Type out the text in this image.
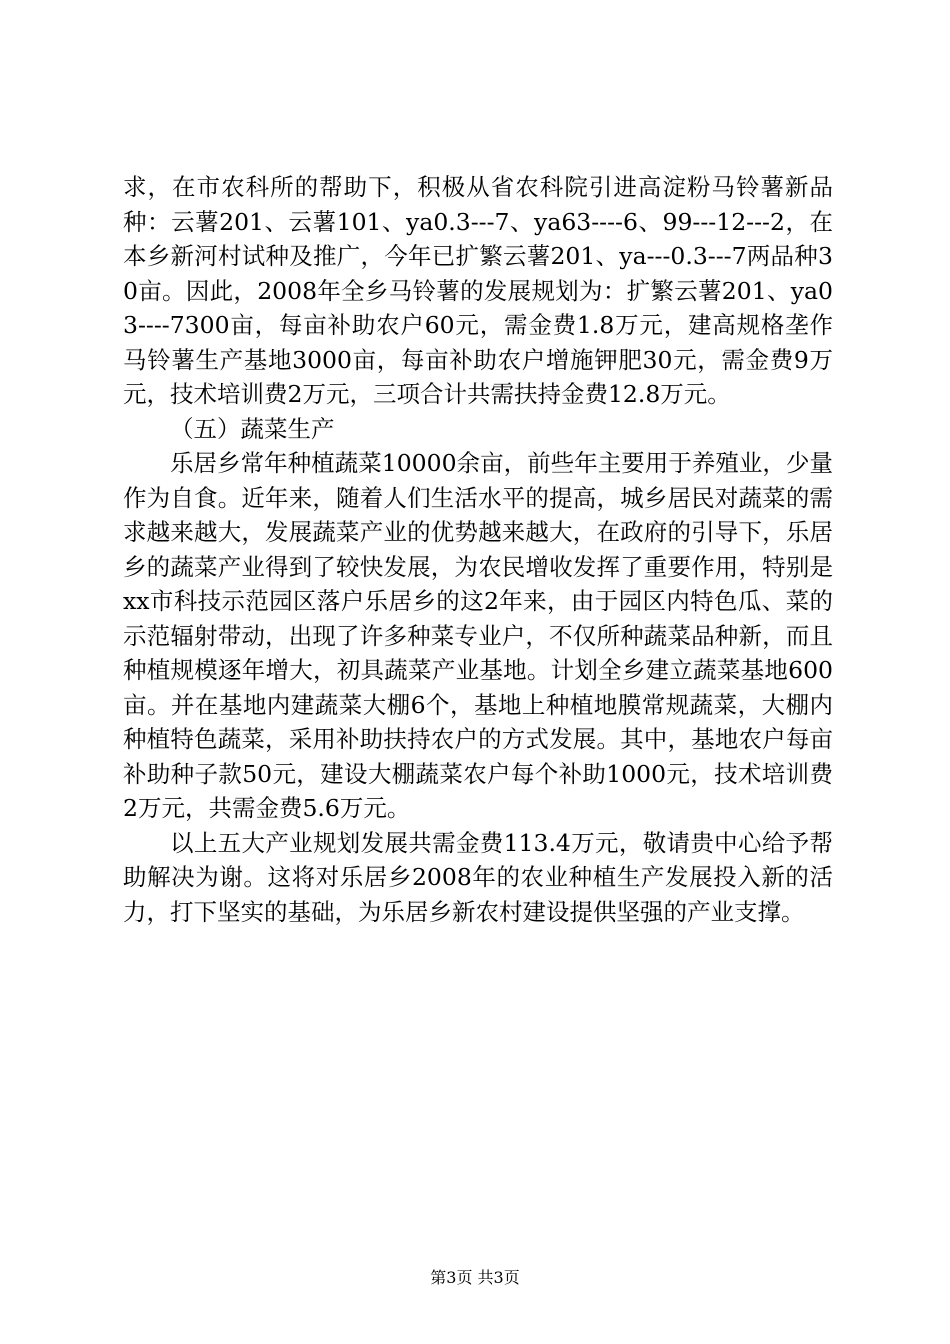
求，在市农科所的帮助下，积极从省农科院引进高淀粉马铃薯新品种：云薯201、云薯101、ya0.3---7、ya63----6、99---12---2，在本乡新河村试种及推广，今年已扩繁云薯201、ya---0.3---7两品种30亩。因此，2008年全乡马铃薯的发展规划为：扩繁云薯201、ya03----7300亩，每亩补助农户60元，需金费1.8万元，建高规格垄作马铃薯生产基地3000亩，每亩补助农户增施钾肥30元，需金费9万元，技术培训费2万元，三项合计共需扶持金费12.8万元。

（五）蔬菜生产

乐居乡常年种植蔬菜10000余亩，前些年主要用于养殖业，少量作为自食。近年来，随着人们生活水平的提高，城乡居民对蔬菜的需求越来越大，发展蔬菜产业的优势越来越大，在政府的引导下，乐居乡的蔬菜产业得到了较快发展，为农民增收发挥了重要作用，特别是xx市科技示范园区落户乐居乡的这2年来，由于园区内特色瓜、菜的示范辐射带动，出现了许多种菜专业户，不仅所种蔬菜品种新，而且种植规模逐年增大，初具蔬菜产业基地。计划全乡建立蔬菜基地600亩。并在基地内建蔬菜大棚6个，基地上种植地膜常规蔬菜，大棚内种植特色蔬菜，采用补助扶持农户的方式发展。其中，基地农户每亩补助种子款50元，建设大棚蔬菜农户每个补助1000元，技术培训费2万元，共需金费5.6万元。

以上五大产业规划发展共需金费113.4万元，敬请贵中心给予帮助解决为谢。这将对乐居乡2008年的农业种植生产发展投入新的活力，打下坚实的基础，为乐居乡新农村建设提供坚强的产业支撑。

第3页 共3页
